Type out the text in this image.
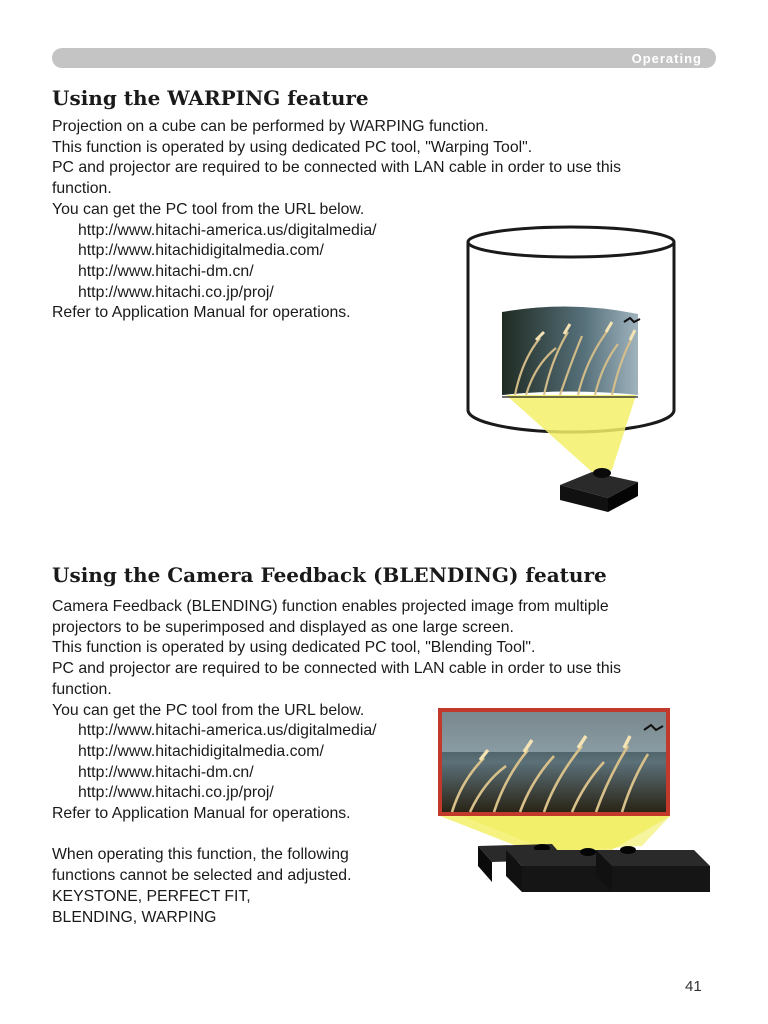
Operating
Using the WARPING feature
Projection on a cube can be performed by WARPING function.
This function is operated by using dedicated PC tool, "Warping Tool".
PC and projector are required to be connected with LAN cable in order to use this
function.
You can get the PC tool from the URL below.
http://www.hitachi-america.us/digitalmedia/
http://www.hitachidigitalmedia.com/
http://www.hitachi-dm.cn/
http://www.hitachi.co.jp/proj/
Refer to Application Manual for operations.
Using the Camera Feedback (BLENDING) feature
Camera Feedback (BLENDING) function enables projected image from multiple
projectors to be superimposed and displayed as one large screen.
This function is operated by using dedicated PC tool, "Blending Tool".
PC and projector are required to be connected with LAN cable in order to use this
function.
You can get the PC tool from the URL below.
http://www.hitachi-america.us/digitalmedia/
http://www.hitachidigitalmedia.com/
http://www.hitachi-dm.cn/
http://www.hitachi.co.jp/proj/
Refer to Application Manual for operations.

When operating this function, the following
functions cannot be selected and adjusted.
KEYSTONE, PERFECT FIT,
BLENDING, WARPING
41
